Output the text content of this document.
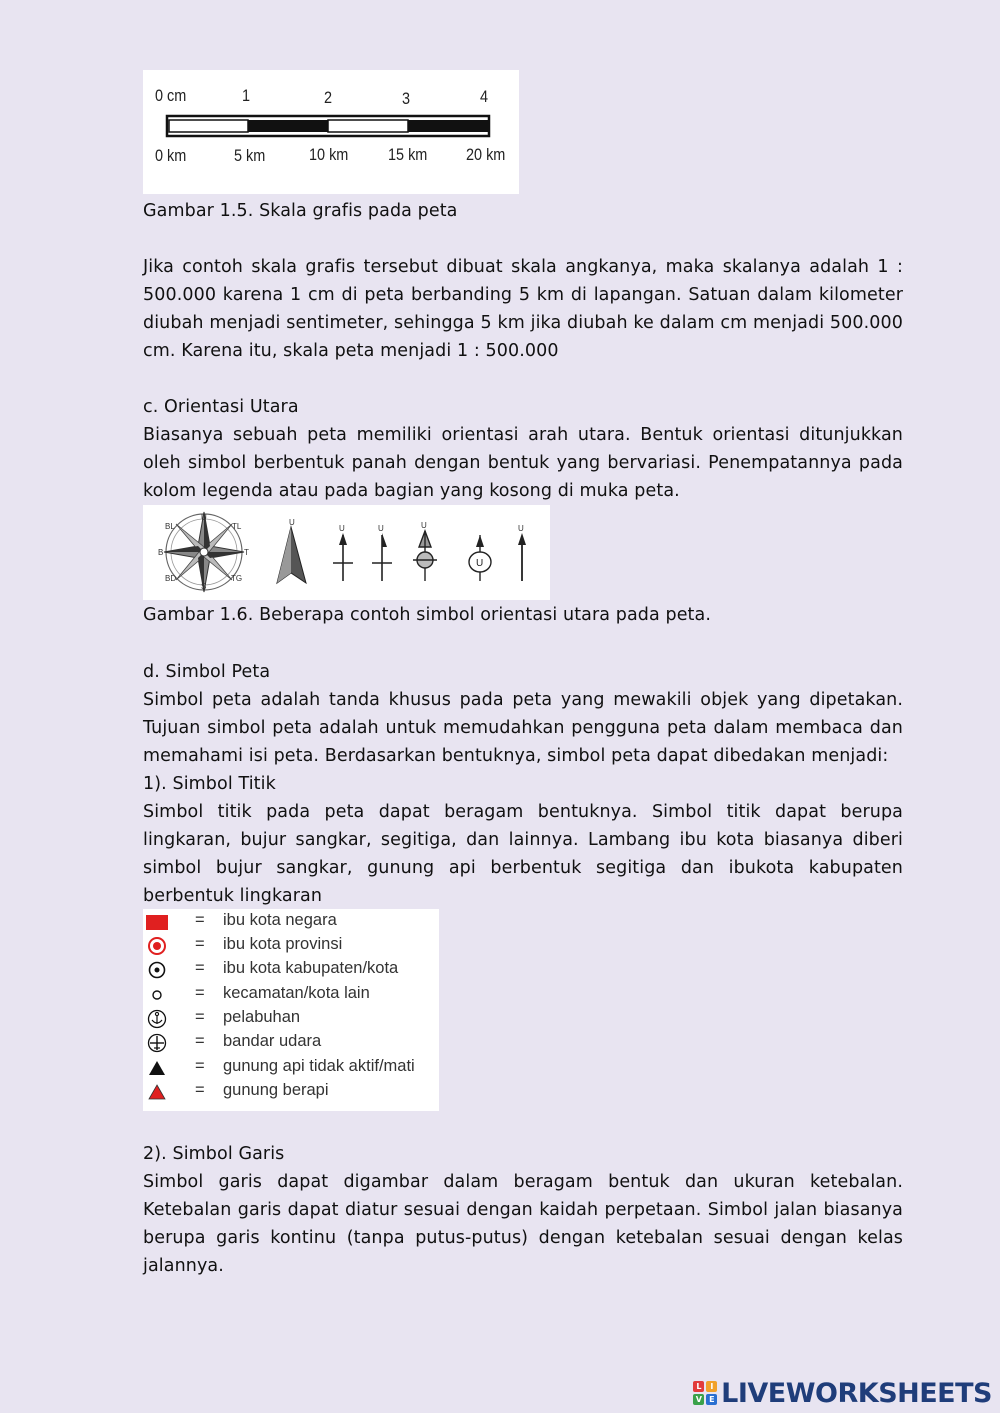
0 cm	1	2	3	4
0 km	5 km	10 km 15 km 20 km
Gambar 1.5. Skala grafis pada peta
Jika contoh skala grafis tersebut dibuat skala angkanya, maka skalanya adalah 1 : 500.000 karena 1 cm di peta berbanding 5 km di lapangan. Satuan dalam kilometer diubah menjadi sentimeter, sehingga 5 km jika diubah ke dalam cm menjadi 500.000 cm. Karena itu, skala peta menjadi 1 : 500.000
c. Orientasi Utara
Biasanya sebuah peta memiliki orientasi arah utara. Bentuk orientasi ditunjukkan oleh simbol berbentuk panah dengan bentuk yang bervariasi. Penempatannya pada kolom legenda atau pada bagian yang kosong di muka peta.
U
S
B	T
BL	TL
BD	TG
U
U	U	U
U
U
Gambar 1.6. Beberapa contoh simbol orientasi utara pada peta.
d. Simbol Peta
Simbol peta adalah tanda khusus pada peta yang mewakili objek yang dipetakan. Tujuan simbol peta adalah untuk memudahkan pengguna peta dalam membaca dan memahami isi peta. Berdasarkan bentuknya, simbol peta dapat dibedakan menjadi:
1). Simbol Titik
Simbol titik pada peta dapat beragam bentuknya. Simbol titik dapat berupa lingkaran, bujur sangkar, segitiga, dan lainnya. Lambang ibu kota biasanya diberi simbol bujur sangkar, gunung api berbentuk segitiga dan ibukota kabupaten berbentuk lingkaran
= ibu kota negara
= ibu kota provinsi
= ibu kota kabupaten/kota
= kecamatan/kota lain
= pelabuhan
= bandar udara
= gunung api tidak aktif/mati
= gunung berapi
2). Simbol Garis
Simbol garis dapat digambar dalam beragam bentuk dan ukuran ketebalan. Ketebalan garis dapat diatur sesuai dengan kaidah perpetaan. Simbol jalan biasanya berupa garis kontinu (tanpa putus-putus) dengan ketebalan sesuai dengan kelas jalannya.
L	I
V E LIVEWORKSHEETS
